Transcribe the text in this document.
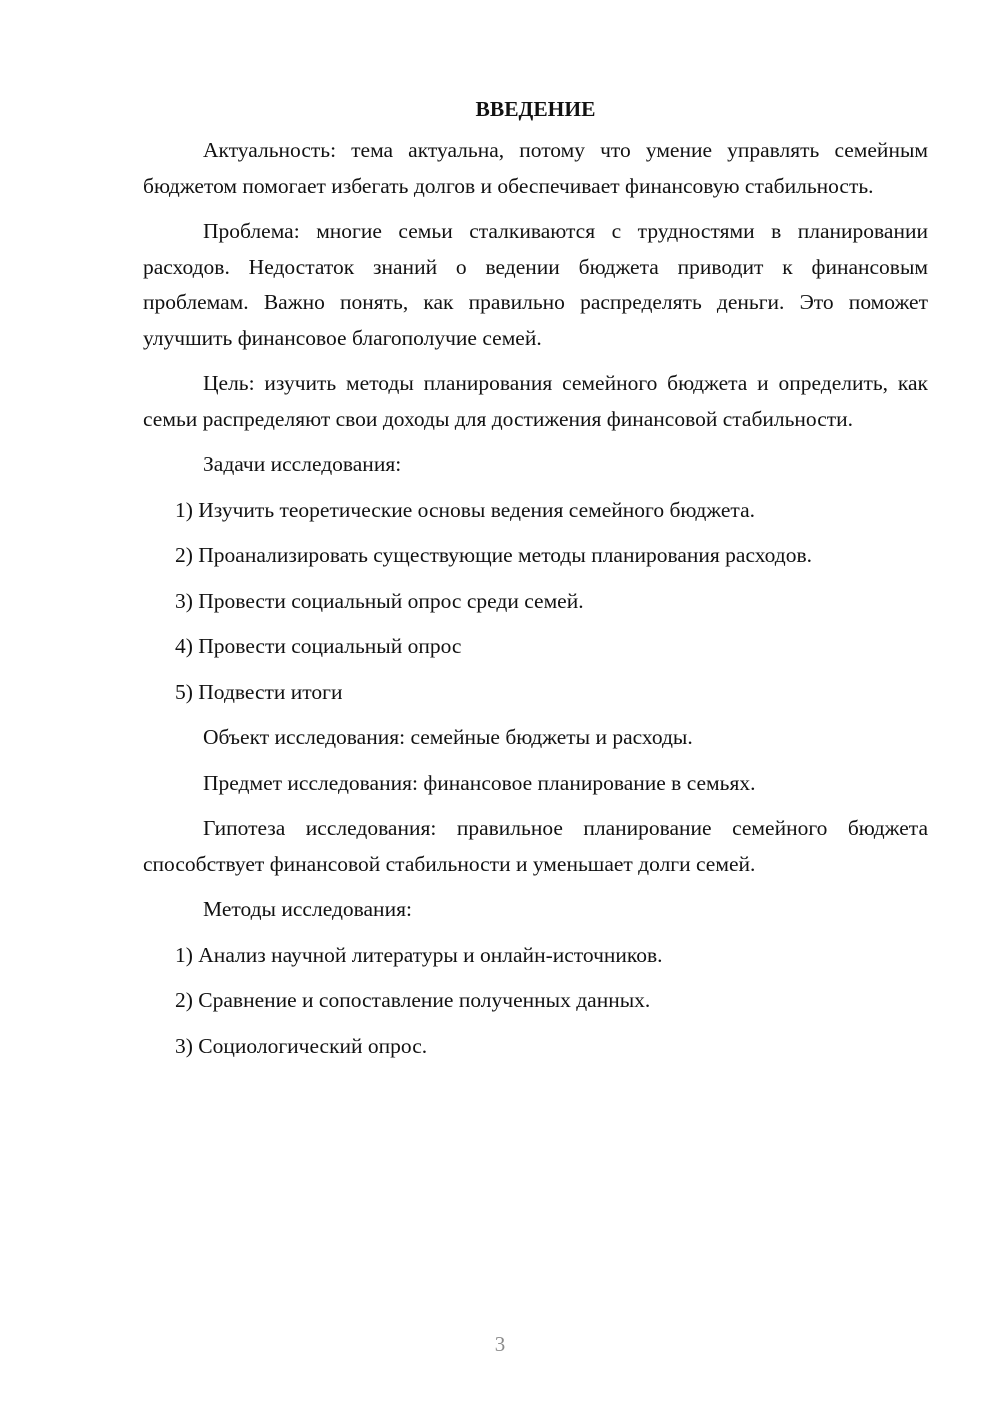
ВВЕДЕНИЕ

Актуальность: тема актуальна, потому что умение управлять семейным бюджетом помогает избегать долгов и обеспечивает финансовую стабильность.

Проблема: многие семьи сталкиваются с трудностями в планировании расходов. Недостаток знаний о ведении бюджета приводит к финансовым проблемам. Важно понять, как правильно распределять деньги. Это поможет улучшить финансовое благополучие семей.

Цель: изучить методы планирования семейного бюджета и определить, как семьи распределяют свои доходы для достижения финансовой стабильности.

Задачи исследования:

1) Изучить теоретические основы ведения семейного бюджета.

2) Проанализировать существующие методы планирования расходов.

3) Провести социальный опрос среди семей.

4) Провести социальный опрос

5) Подвести итоги

Объект исследования: семейные бюджеты и расходы.

Предмет исследования: финансовое планирование в семьях.

Гипотеза исследования: правильное планирование семейного бюджета способствует финансовой стабильности и уменьшает долги семей.

Методы исследования:

1) Анализ научной литературы и онлайн-источников.

2) Сравнение и сопоставление полученных данных.

3) Социологический опрос.

3
